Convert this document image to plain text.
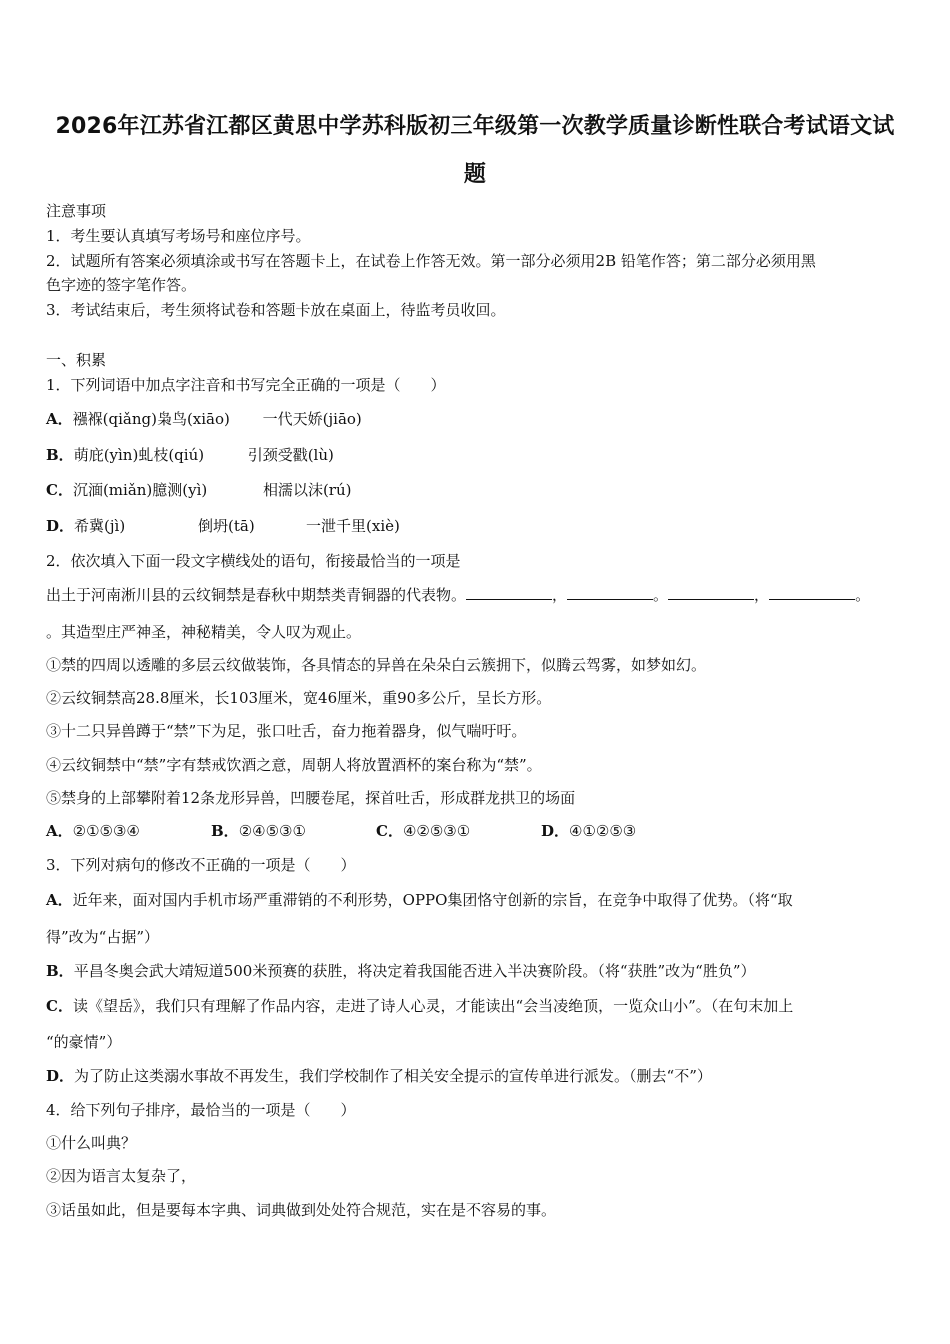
2026年江苏省江都区黄思中学苏科版初三年级第一次教学质量诊断性联合考试语文试
题
注意事项
1．考生要认真填写考场号和座位序号。
2．试题所有答案必须填涂或书写在答题卡上，在试卷上作答无效。第一部分必须用2B 铅笔作答；第二部分必须用黑
色字迹的签字笔作答。
3．考试结束后，考生须将试卷和答题卡放在桌面上，待监考员收回。
一、积累
1．下列词语中加点字注音和书写完全正确的一项是（　　）
A．襁褓(qiǎng)枭鸟(xiāo) 一代天娇(jiāo)
B．萌庇(yìn)虬枝(qiú)	引颈受戳(lù)
C．沉湎(miǎn)臆测(yì)	相濡以沫(rú)
D．希冀(jì)	倒坍(tā)	一泄千里(xiè)
2．依次填入下面一段文字横线处的语句，衔接最恰当的一项是
出土于河南淅川县的云纹铜禁是春秋中期禁类青铜器的代表物。	，	。	，	。
。其造型庄严神圣，神秘精美，令人叹为观止。
①禁的四周以透雕的多层云纹做装饰，各具情态的异兽在朵朵白云簇拥下，似腾云驾雾，如梦如幻。
②云纹铜禁高28.8厘米，长103厘米，宽46厘米，重90多公斤，呈长方形。
③十二只异兽蹲于“禁”下为足，张口吐舌，奋力拖着器身，似气喘吁吁。
④云纹铜禁中“禁”字有禁戒饮酒之意，周朝人将放置酒杯的案台称为“禁”。
⑤禁身的上部攀附着12条龙形异兽，凹腰卷尾，探首吐舌，形成群龙拱卫的场面
A．②①⑤③④	B．②④⑤③①	C．④②⑤③①	D．④①②⑤③
3．下列对病句的修改不正确的一项是（　　）
A．近年来，面对国内手机市场严重滞销的不利形势，OPPO集团恪守创新的宗旨，在竞争中取得了优势。（将“取
得”改为“占据”）
B．平昌冬奥会武大靖短道500米预赛的获胜，将决定着我国能否进入半决赛阶段。（将“获胜”改为“胜负”）
C．读《望岳》，我们只有理解了作品内容，走进了诗人心灵，才能读出“会当凌绝顶，一览众山小”。（在句末加上
“的豪情”）
D．为了防止这类溺水事故不再发生，我们学校制作了相关安全提示的宣传单进行派发。（删去“不”）
4．给下列句子排序，最恰当的一项是（　　）
①什么叫典？
②因为语言太复杂了，
③话虽如此，但是要每本字典、词典做到处处符合规范，实在是不容易的事。
